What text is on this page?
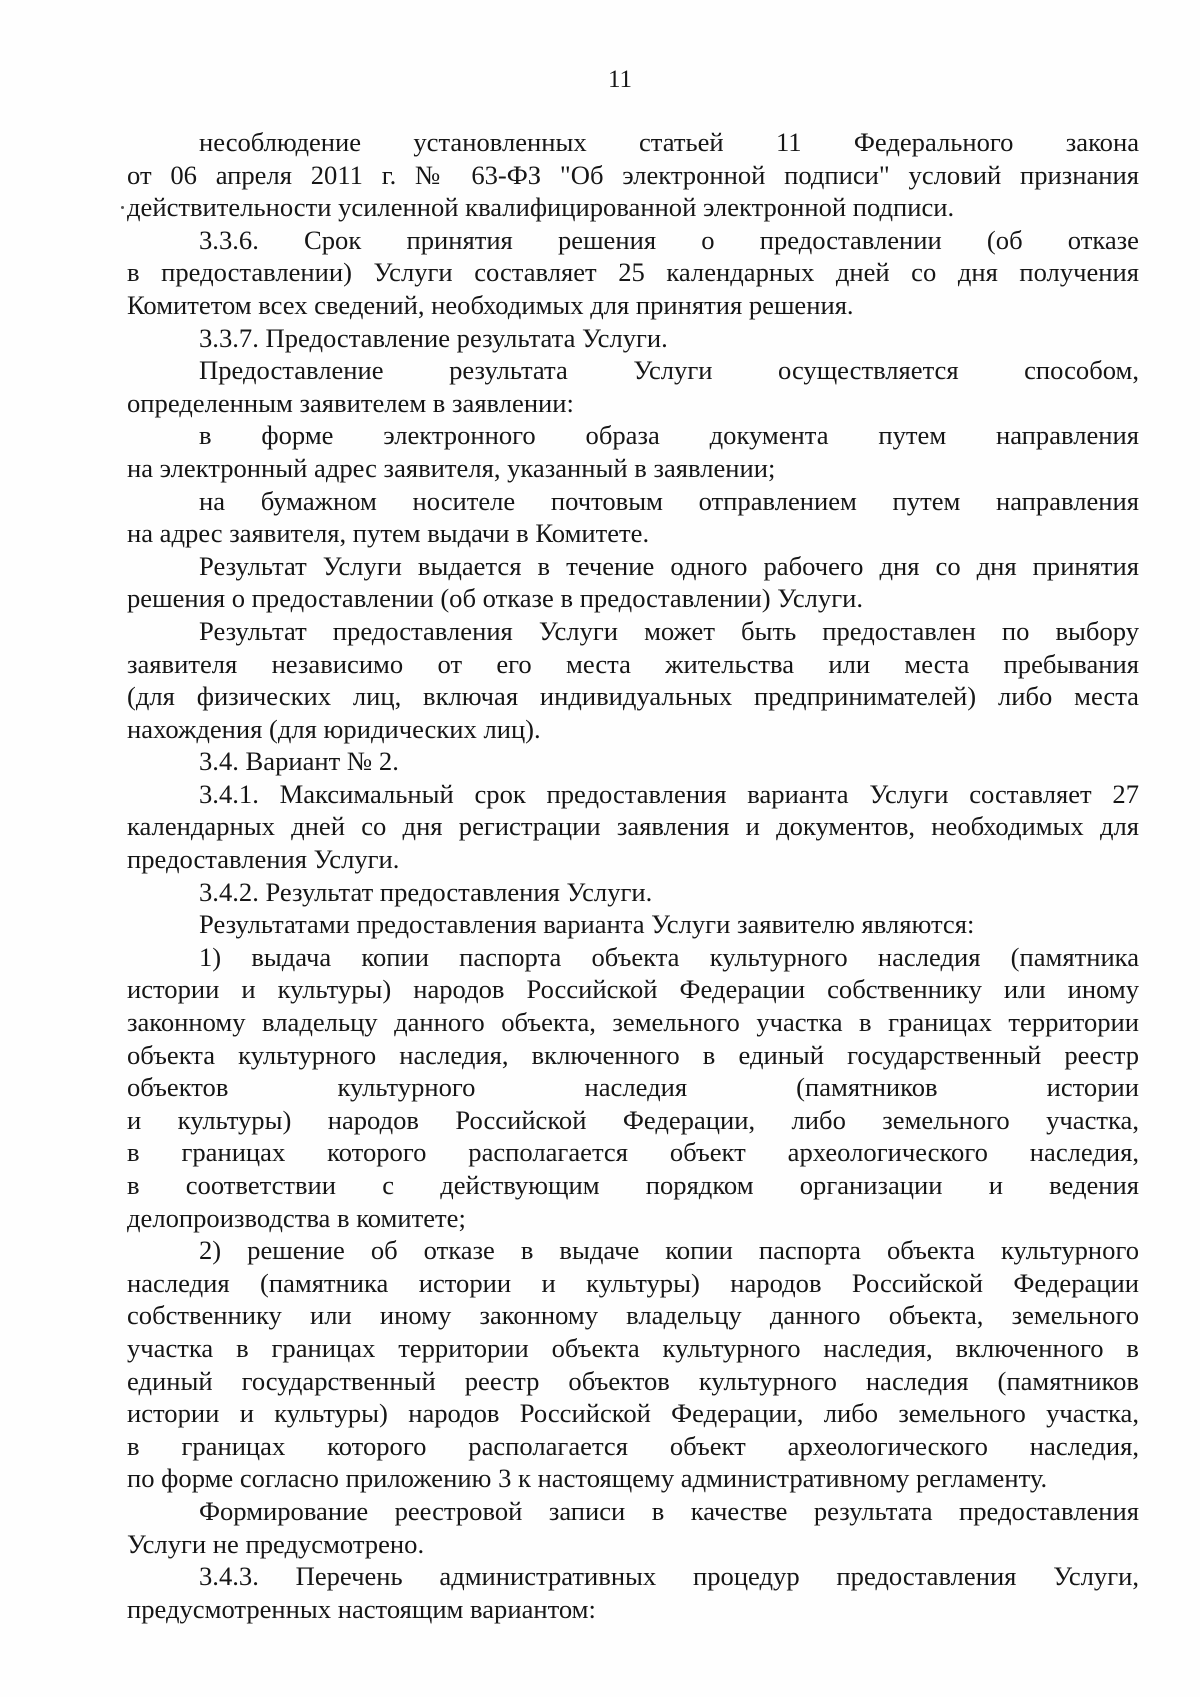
11

несоблюдение установленных статьей 11 Федерального закона
от 06 апреля 2011 г. № 63-ФЗ "Об электронной подписи" условий признания
действительности усиленной квалифицированной электронной подписи.

3.3.6. Срок принятия решения о предоставлении (об отказе
в предоставлении) Услуги составляет 25 календарных дней со дня получения
Комитетом всех сведений, необходимых для принятия решения.

3.3.7. Предоставление результата Услуги.

Предоставление результата Услуги осуществляется способом,
определенным заявителем в заявлении:

в форме электронного образа документа путем направления
на электронный адрес заявителя, указанный в заявлении;

на бумажном носителе почтовым отправлением путем направления
на адрес заявителя, путем выдачи в Комитете.

Результат Услуги выдается в течение одного рабочего дня со дня принятия
решения о предоставлении (об отказе в предоставлении) Услуги.

Результат предоставления Услуги может быть предоставлен по выбору
заявителя независимо от его места жительства или места пребывания
(для физических лиц, включая индивидуальных предпринимателей) либо места
нахождения (для юридических лиц).

3.4. Вариант № 2.

3.4.1. Максимальный срок предоставления варианта Услуги составляет 27
календарных дней со дня регистрации заявления и документов, необходимых для
предоставления Услуги.

3.4.2. Результат предоставления Услуги.

Результатами предоставления варианта Услуги заявителю являются:

1) выдача копии паспорта объекта культурного наследия (памятника
истории и культуры) народов Российской Федерации собственнику или иному
законному владельцу данного объекта, земельного участка в границах территории
объекта культурного наследия, включенного в единый государственный реестр
объектов культурного наследия (памятников истории
и культуры) народов Российской Федерации, либо земельного участка,
в границах которого располагается объект археологического наследия,
в соответствии с действующим порядком организации и ведения
делопроизводства в комитете;

2) решение об отказе в выдаче копии паспорта объекта культурного
наследия (памятника истории и культуры) народов Российской Федерации
собственнику или иному законному владельцу данного объекта, земельного
участка в границах территории объекта культурного наследия, включенного в
единый государственный реестр объектов культурного наследия (памятников
истории и культуры) народов Российской Федерации, либо земельного участка,
в границах которого располагается объект археологического наследия,
по форме согласно приложению 3 к настоящему административному регламенту.

Формирование реестровой записи в качестве результата предоставления
Услуги не предусмотрено.

3.4.3. Перечень административных процедур предоставления Услуги,
предусмотренных настоящим вариантом:
